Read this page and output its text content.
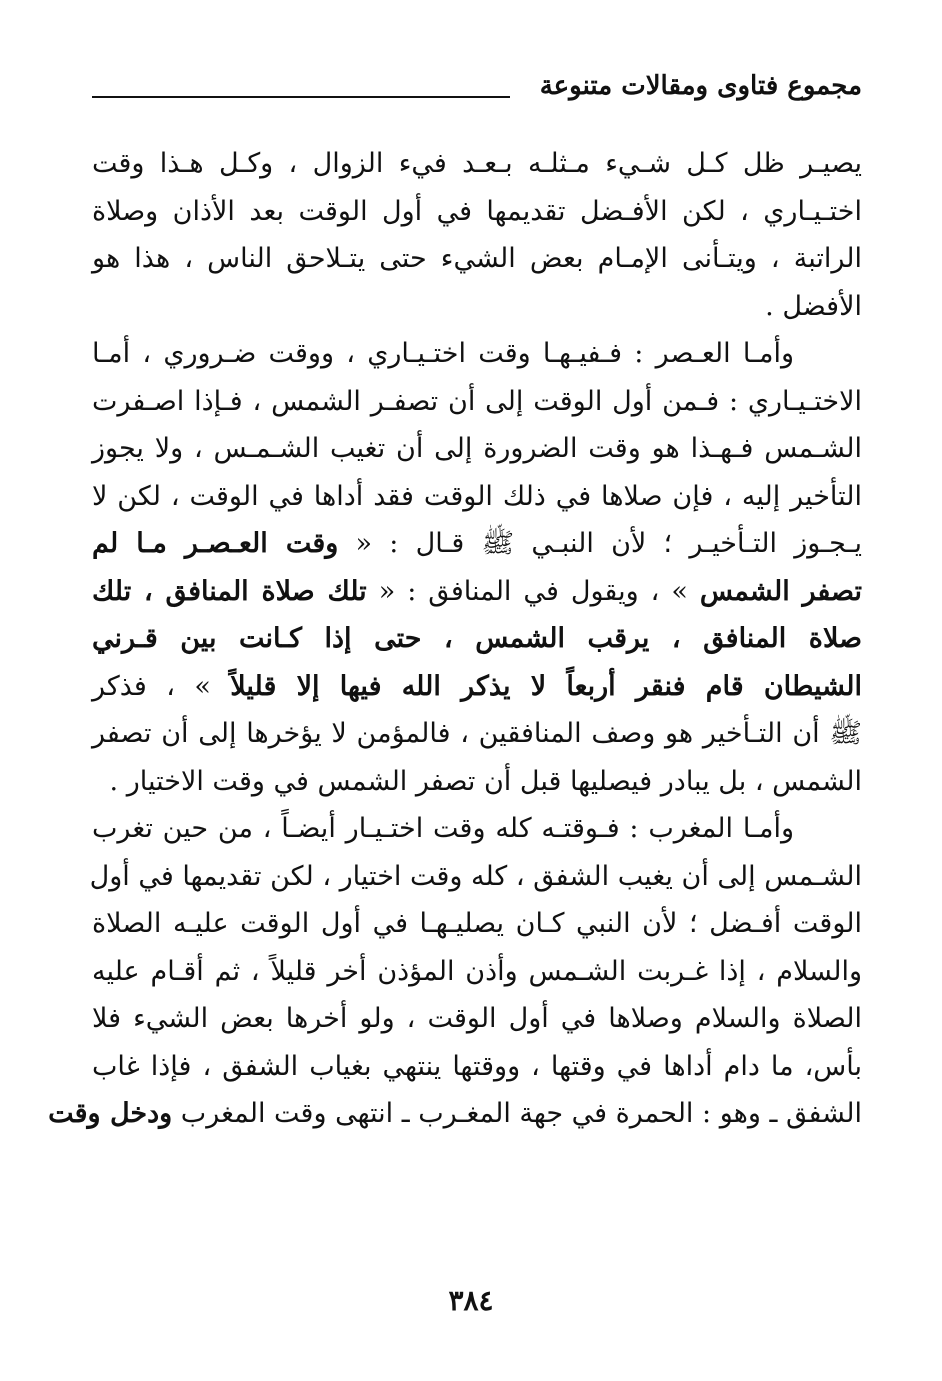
مجموع فتاوى ومقالات متنوعة
يصيـر ظل كـل شـيء مـثلـه بـعـد فيء الزوال ، وكـل هـذا وقت
اختـيـاري ، لكن الأفـضل تقديمها في أول الوقت بعد الأذان وصلاة
الراتبة ، ويتـأنى الإمـام بعض الشيء حتى يتـلاحق الناس ، هذا هو
الأفضل .
وأمـا العـصر : فـفيـهـا وقت اختـيـاري ، ووقت ضـروري ، أمـا
الاختـيـاري : فـمن أول الوقت إلى أن تصفـر الشمس ، فـإذا اصـفرت
الشـمس فـهـذا هو وقت الضرورة إلى أن تغيب الشـمـس ، ولا يجوز
التأخير إليه ، فإن صلاها في ذلك الوقت فقد أداها في الوقت ، لكن لا
يـجـوز التـأخيـر ؛ لأن النبـي ﷺ قـال : « وقت العـصـر مـا لم
تصفر الشمس » ، ويقول في المنافق : « تلك صلاة المنافق ، تلك
صلاة المنافق ، يرقب الشمس ، حتى إذا كـانت بين قـرني
الشيطان قام فنقر أربعاً لا يذكر الله فيها إلا قليلاً » ، فذكر
ﷺ أن التـأخير هو وصف المنافقين ، فالمؤمن لا يؤخرها إلى أن تصفر
الشمس ، بل يبادر فيصليها قبل أن تصفر الشمس في وقت الاختيار .
وأمـا المغرب : فـوقتـه كله وقت اختـيـار أيضـاً ، من حين تغرب
الشـمس إلى أن يغيب الشفق ، كله وقت اختيار ، لكن تقديمها في أول
الوقت أفـضل ؛ لأن النبي كـان يصليـهـا في أول الوقت عليـه الصلاة
والسلام ، إذا غـربت الشـمس وأذن المؤذن أخر قليلاً ، ثم أقـام عليه
الصلاة والسلام وصلاها في أول الوقت ، ولو أخرها بعض الشيء فلا
بأس، ما دام أداها في وقتها ، ووقتها ينتهي بغياب الشفق ، فإذا غاب
الشفق ـ وهو : الحمرة في جهة المغـرب ـ انتهى وقت المغرب ودخل وقت
٣٨٤
